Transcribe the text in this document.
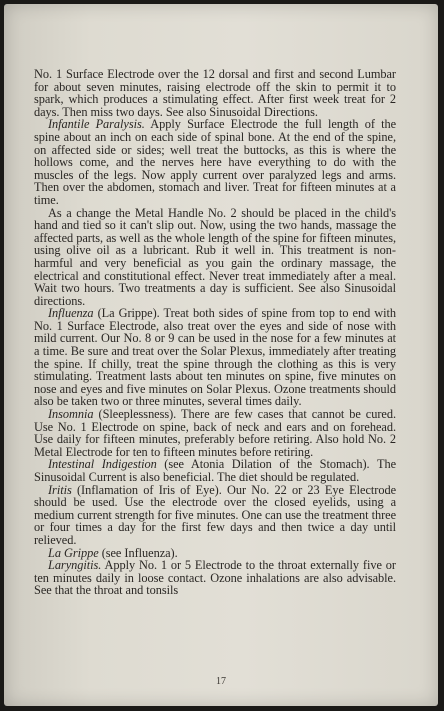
No. 1 Surface Electrode over the 12 dorsal and first and second Lumbar for about seven minutes, raising electrode off the skin to permit it to spark, which produces a stimulating effect. After first week treat for 2 days. Then miss two days. See also Sinusoidal Directions.

Infantile Paralysis. Apply Surface Electrode the full length of the spine about an inch on each side of spinal bone. At the end of the spine, on affected side or sides; well treat the buttocks, as this is where the hollows come, and the nerves here have everything to do with the muscles of the legs. Now apply current over paralyzed legs and arms. Then over the abdomen, stomach and liver. Treat for fifteen minutes at a time.

As a change the Metal Handle No. 2 should be placed in the child's hand and tied so it can't slip out. Now, using the two hands, massage the affected parts, as well as the whole length of the spine for fifteen minutes, using olive oil as a lubricant. Rub it well in. This treatment is non-harmful and very beneficial as you gain the ordinary massage, the electrical and constitutional effect. Never treat immediately after a meal. Wait two hours. Two treatments a day is sufficient. See also Sinusoidal directions.

Influenza (La Grippe). Treat both sides of spine from top to end with No. 1 Surface Electrode, also treat over the eyes and side of nose with mild current. Our No. 8 or 9 can be used in the nose for a few minutes at a time. Be sure and treat over the Solar Plexus, immediately after treating the spine. If chilly, treat the spine through the clothing as this is very stimulating. Treatment lasts about ten minutes on spine, five minutes on nose and eyes and five minutes on Solar Plexus. Ozone treatments should also be taken two or three minutes, several times daily.

Insomnia (Sleeplessness). There are few cases that cannot be cured. Use No. 1 Electrode on spine, back of neck and ears and on forehead. Use daily for fifteen minutes, preferably before retiring. Also hold No. 2 Metal Electrode for ten to fifteen minutes before retiring.

Intestinal Indigestion (see Atonia Dilation of the Stomach). The Sinusoidal Current is also beneficial. The diet should be regulated.

Iritis (Inflamation of Iris of Eye). Our No. 22 or 23 Eye Electrode should be used. Use the electrode over the closed eyelids, using a medium current strength for five minutes. One can use the treatment three or four times a day for the first few days and then twice a day until relieved.

La Grippe (see Influenza).

Laryngitis. Apply No. 1 or 5 Electrode to the throat externally five or ten minutes daily in loose contact. Ozone inhalations are also advisable. See that the throat and tonsils

17
